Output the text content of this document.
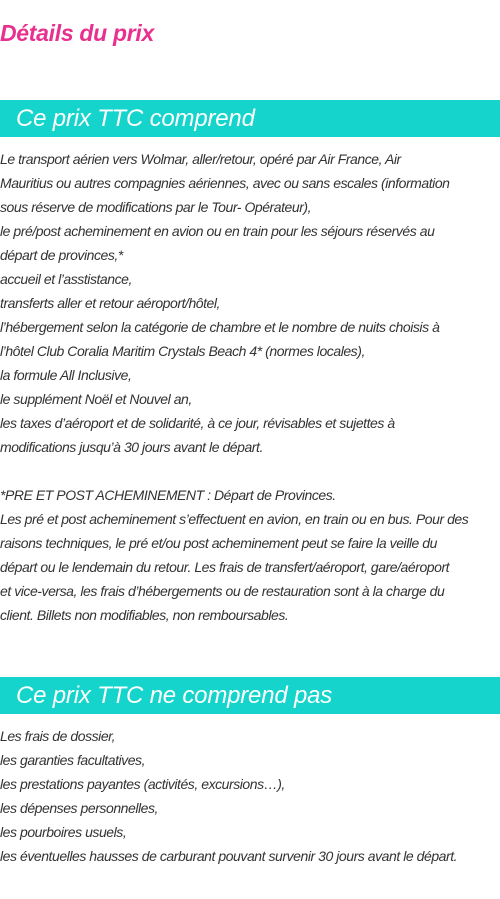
Détails du prix
Ce prix TTC comprend

Le transport aérien vers Wolmar, aller/retour, opéré par Air France, Air

Mauritius ou autres compagnies aériennes, avec ou sans escales (information

sous réserve de modifications par le Tour- Opérateur),

le pré/post acheminement en avion ou en train pour les séjours réservés au

départ de provinces,*

accueil et l’asstistance,

transferts aller et retour aéroport/hôtel,

l’hébergement selon la catégorie de chambre et le nombre de nuits choisis à

l’hôtel Club Coralia Maritim Crystals Beach 4* (normes locales),

la formule All Inclusive,

le supplément Noël et Nouvel an,

les taxes d’aéroport et de solidarité, à ce jour, révisables et sujettes à

modifications jusqu’à 30 jours avant le départ.

*PRE ET POST ACHEMINEMENT : Départ de Provinces.

Les pré et post acheminement s’effectuent en avion, en train ou en bus. Pour des

raisons techniques, le pré et/ou post acheminement peut se faire la veille du

départ ou le lendemain du retour. Les frais de transfert/aéroport, gare/aéroport

et vice-versa, les frais d’hébergements ou de restauration sont à la charge du

client. Billets non modifiables, non remboursables.

Ce prix TTC ne comprend pas

Les frais de dossier,

les garanties facultatives,

les prestations payantes (activités, excursions…),

les dépenses personnelles,

les pourboires usuels,

les éventuelles hausses de carburant pouvant survenir 30 jours avant le départ.
